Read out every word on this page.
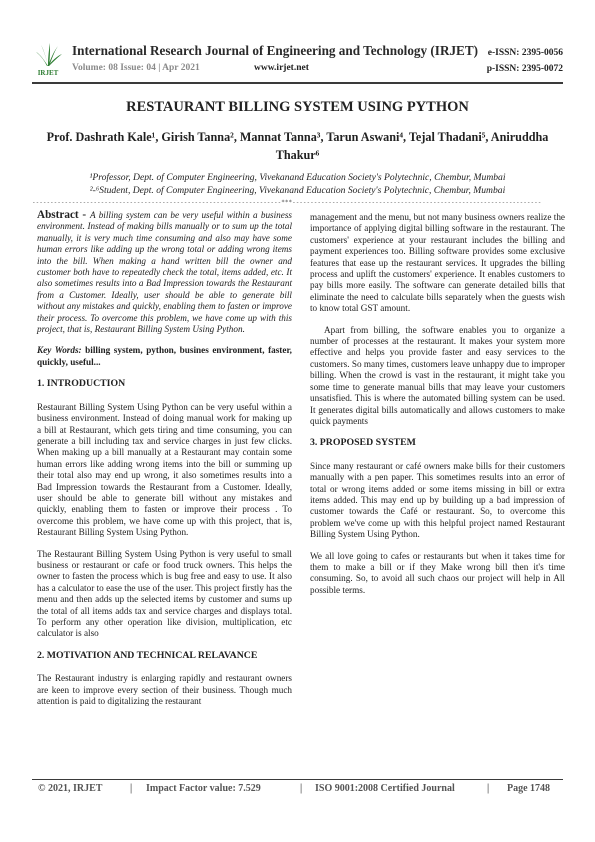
IRJET
International Research Journal of Engineering and Technology (IRJET)
Volume: 08 Issue: 04 | Apr 2021	www.irjet.net
e-ISSN: 2395-0056
p-ISSN: 2395-0072
RESTAURANT BILLING SYSTEM USING PYTHON
Prof. Dashrath Kale¹, Girish Tanna², Mannat Tanna³, Tarun Aswani⁴, Tejal Thadani⁵, Aniruddha Thakur⁶
¹Professor, Dept. of Computer Engineering, Vivekanand Education Society's Polytechnic, Chembur, Mumbai
²-⁶Student, Dept. of Computer Engineering, Vivekanand Education Society's Polytechnic, Chembur, Mumbai
---------------------------------------------------------------------***---------------------------------------------------------------------

Abstract - A billing system can be very useful within a business environment. Instead of making bills manually or to sum up the total manually, it is very much time consuming and also may have some human errors like adding up the wrong total or adding wrong items into the bill. When making a hand written bill the owner and customer both have to repeatedly check the total, items added, etc. It also sometimes results into a Bad Impression towards the Restaurant from a Customer. Ideally, user should be able to generate bill without any mistakes and quickly, enabling them to fasten or improve their process. To overcome this problem, we have come up with this project, that is, Restaurant Billing System Using Python.

Key Words: billing system, python, busines environment, faster, quickly, useful...

1. INTRODUCTION

Restaurant Billing System Using Python can be very useful within a business environment. Instead of doing manual work for making up a bill at Restaurant, which gets tiring and time consuming, you can generate a bill including tax and service charges in just few clicks. When making up a bill manually at a Restaurant may contain some human errors like adding wrong items into the bill or summing up their total also may end up wrong, it also sometimes results into a Bad Impression towards the Restaurant from a Customer. Ideally, user should be able to generate bill without any mistakes and quickly, enabling them to fasten or improve their process . To overcome this problem, we have come up with this project, that is, Restaurant Billing System Using Python.

The Restaurant Billing System Using Python is very useful to small business or restaurant or cafe or food truck owners. This helps the owner to fasten the process which is bug free and easy to use. It also has a calculator to ease the use of the user. This project firstly has the menu and then adds up the selected items by customer and sums up the total of all items adds tax and service charges and displays total. To perform any other operation like division, multiplication, etc calculator is also

2. MOTIVATION AND TECHNICAL RELAVANCE

The Restaurant industry is enlarging rapidly and restaurant owners are keen to improve every section of their business. Though much attention is paid to digitalizing the restaurant

management and the menu, but not many business owners realize the importance of applying digital billing software in the restaurant. The customers' experience at your restaurant includes the billing and payment experiences too. Billing software provides some exclusive features that ease up the restaurant services. It upgrades the billing process and uplift the customers' experience. It enables customers to pay bills more easily. The software can generate detailed bills that eliminate the need to calculate bills separately when the guests wish to know total GST amount.

Apart from billing, the software enables you to organize a number of processes at the restaurant. It makes your system more effective and helps you provide faster and easy services to the customers. So many times, customers leave unhappy due to improper billing. When the crowd is vast in the restaurant, it might take you some time to generate manual bills that may leave your customers unsatisfied. This is where the automated billing system can be used. It generates digital bills automatically and allows customers to make quick payments

3. PROPOSED SYSTEM

Since many restaurant or café owners make bills for their customers manually with a pen paper. This sometimes results into an error of total or wrong items added or some items missing in bill or extra items added. This may end up by building up a bad impression of customer towards the Café or restaurant. So, to overcome this problem we've come up with this helpful project named Restaurant Billing System Using Python.

We all love going to cafes or restaurants but when it takes time for them to make a bill or if they Make wrong bill then it's time consuming. So, to avoid all such chaos our project will help in All possible terms.

© 2021, IRJET	| Impact Factor value: 7.529	| ISO 9001:2008 Certified Journal	| Page 1748
